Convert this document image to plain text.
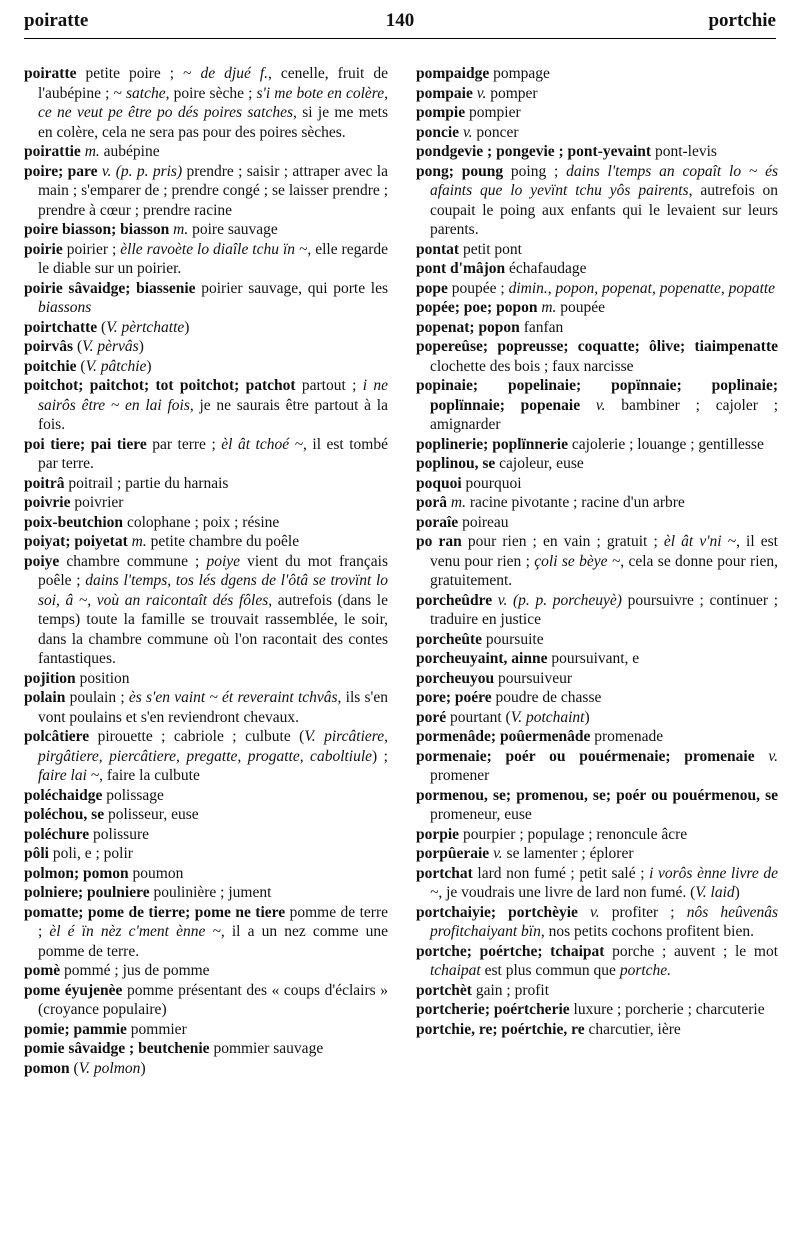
poiratte	140	portchie

poiratte petite poire ; ~ de djué f., cenelle, fruit de l'aubépine ; ~ satche, poire sèche ; s'i me bote en colère, ce ne veut pe être po dés poires satches, si je me mets en colère, cela ne sera pas pour des poires sèches.

poirattie m. aubépine

poire; pare v. (p. p. pris) prendre ; saisir ; attraper avec la main ; s'emparer de ; prendre congé ; se laisser prendre ; prendre à cœur ; prendre racine

poire biasson; biasson m. poire sauvage

poirie poirier ; èlle ravoète lo diaîle tchu ïn ~, elle regarde le diable sur un poirier.

poirie sâvaidge; biassenie poirier sauvage, qui porte les biassons

poirtchatte (V. pèrtchatte)

poirvâs (V. pèrvâs)

poitchie (V. pâtchie)

poitchot; paitchot; tot poitchot; patchot partout ; i ne sairôs être ~ en lai fois, je ne saurais être partout à la fois.

poi tiere; pai tiere par terre ; èl ât tchoé ~, il est tombé par terre.

poitrâ poitrail ; partie du harnais

poivrie poivrier

poix-beutchion colophane ; poix ; résine

poiyat; poiyetat m. petite chambre du poêle

poiye chambre commune ; poiye vient du mot français poêle ; dains l'temps, tos lés dgens de l'ôtâ se trovïnt lo soi, â ~, voù an raicontaît dés fôles, autrefois (dans le temps) toute la famille se trouvait rassemblée, le soir, dans la chambre commune où l'on racontait des contes fantastiques.

pojition position

polain poulain ; ès s'en vaint ~ ét reveraint tchvâs, ils s'en vont poulains et s'en reviendront chevaux.

polcâtiere pirouette ; cabriole ; culbute (V. pircâtiere, pirgâtiere, piercâtiere, pregatte, progatte, caboltiule) ; faire lai ~, faire la culbute

poléchaidge polissage

poléchou, se polisseur, euse

poléchure polissure

pôli poli, e ; polir

polmon; pomon poumon

polniere; poulniere poulinière ; jument

pomatte; pome de tierre; pome ne tiere pomme de terre ; èl é ïn nèz c'ment ènne ~, il a un nez comme une pomme de terre.

pomè pommé ; jus de pomme

pome éyujenèe pomme présentant des « coups d'éclairs » (croyance populaire)

pomie; pammie pommier

pomie sâvaidge ; beutchenie pommier sauvage

pomon (V. polmon)

pompaidge pompage

pompaie v. pomper

pompie pompier

poncie v. poncer

pondgevie ; pongevie ; pont-yevaint pont-levis

pong; poung poing ; dains l'temps an copaît lo ~ és afaints que lo yevïnt tchu yôs pairents, autrefois on coupait le poing aux enfants qui le levaient sur leurs parents.

pontat petit pont

pont d'mâjon échafaudage

pope poupée ; dimin., popon, popenat, popenatte, popatte

popée; poe; popon m. poupée

popenat; popon fanfan

popereûse; popreusse; coquatte; ôlive; tiaimpenatte clochette des bois ; faux narcisse

popinaie; popelinaie; popïnnaie; poplinaie; poplïnnaie; popenaie v. bambiner ; cajoler ; amignarder

poplinerie; poplïnnerie cajolerie ; louange ; gentillesse

poplinou, se cajoleur, euse

poquoi pourquoi

porâ m. racine pivotante ; racine d'un arbre

poraîe poireau

po ran pour rien ; en vain ; gratuit ; èl ât v'ni ~, il est venu pour rien ; çoli se bèye ~, cela se donne pour rien, gratuitement.

porcheûdre v. (p. p. porcheuyè) poursuivre ; continuer ; traduire en justice

porcheûte poursuite

porcheuyaint, ainne poursuivant, e

porcheuyou poursuiveur

pore; poére poudre de chasse

poré pourtant (V. potchaint)

pormenâde; poûermenâde promenade

pormenaie; poér ou pouérmenaie; promenaie v. promener

pormenou, se; promenou, se; poér ou pouérmenou, se promeneur, euse

porpie pourpier ; populage ; renoncule âcre

porpûeraie v. se lamenter ; éplorer

portchat lard non fumé ; petit salé ; i vorôs ènne livre de ~, je voudrais une livre de lard non fumé. (V. laid)

portchaiyie; portchèyie v. profiter ; nôs heûvenâs profitchaiyant bïn, nos petits cochons profitent bien.

portche; poértche; tchaipat porche ; auvent ; le mot tchaipat est plus commun que portche.

portchèt gain ; profit

portcherie; poértcherie luxure ; porcherie ; charcuterie

portchie, re; poértchie, re charcutier, ière
